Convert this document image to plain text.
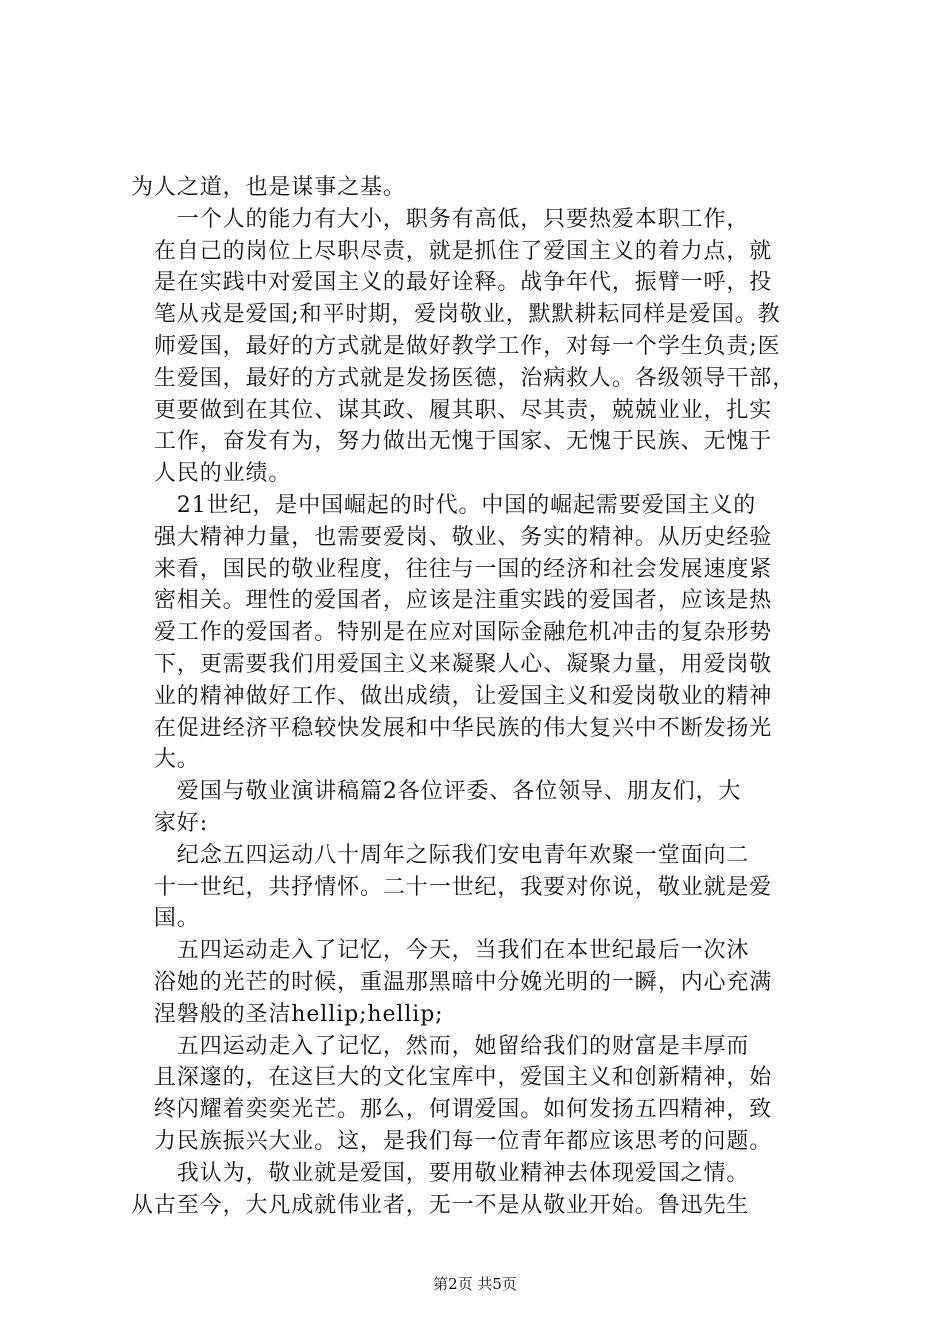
为人之道，也是谋事之基。
　　一个人的能力有大小，职务有高低，只要热爱本职工作，
　在自己的岗位上尽职尽责，就是抓住了爱国主义的着力点，就
　是在实践中对爱国主义的最好诠释。战争年代，振臂一呼，投
　笔从戎是爱国;和平时期，爱岗敬业，默默耕耘同样是爱国。教
　师爱国，最好的方式就是做好教学工作，对每一个学生负责;医
　生爱国，最好的方式就是发扬医德，治病救人。各级领导干部，
　更要做到在其位、谋其政、履其职、尽其责，兢兢业业，扎实
　工作，奋发有为，努力做出无愧于国家、无愧于民族、无愧于
　人民的业绩。
　　21世纪，是中国崛起的时代。中国的崛起需要爱国主义的
　强大精神力量，也需要爱岗、敬业、务实的精神。从历史经验
　来看，国民的敬业程度，往往与一国的经济和社会发展速度紧
　密相关。理性的爱国者，应该是注重实践的爱国者，应该是热
　爱工作的爱国者。特别是在应对国际金融危机冲击的复杂形势
　下，更需要我们用爱国主义来凝聚人心、凝聚力量，用爱岗敬
　业的精神做好工作、做出成绩，让爱国主义和爱岗敬业的精神
　在促进经济平稳较快发展和中华民族的伟大复兴中不断发扬光
　大。
　　爱国与敬业演讲稿篇2各位评委、各位领导、朋友们，大
　家好:
　　纪念五四运动八十周年之际我们安电青年欢聚一堂面向二
　十一世纪，共抒情怀。二十一世纪，我要对你说，敬业就是爱
　国。
　　五四运动走入了记忆，今天，当我们在本世纪最后一次沐
　浴她的光芒的时候，重温那黑暗中分娩光明的一瞬，内心充满
　涅磐般的圣洁hellip;hellip;
　　五四运动走入了记忆，然而，她留给我们的财富是丰厚而
　且深邃的，在这巨大的文化宝库中，爱国主义和创新精神，始
　终闪耀着奕奕光芒。那么，何谓爱国。如何发扬五四精神，致
　力民族振兴大业。这，是我们每一位青年都应该思考的问题。
　　我认为，敬业就是爱国，要用敬业精神去体现爱国之情。
从古至今，大凡成就伟业者，无一不是从敬业开始。鲁迅先生
第2页 共5页
